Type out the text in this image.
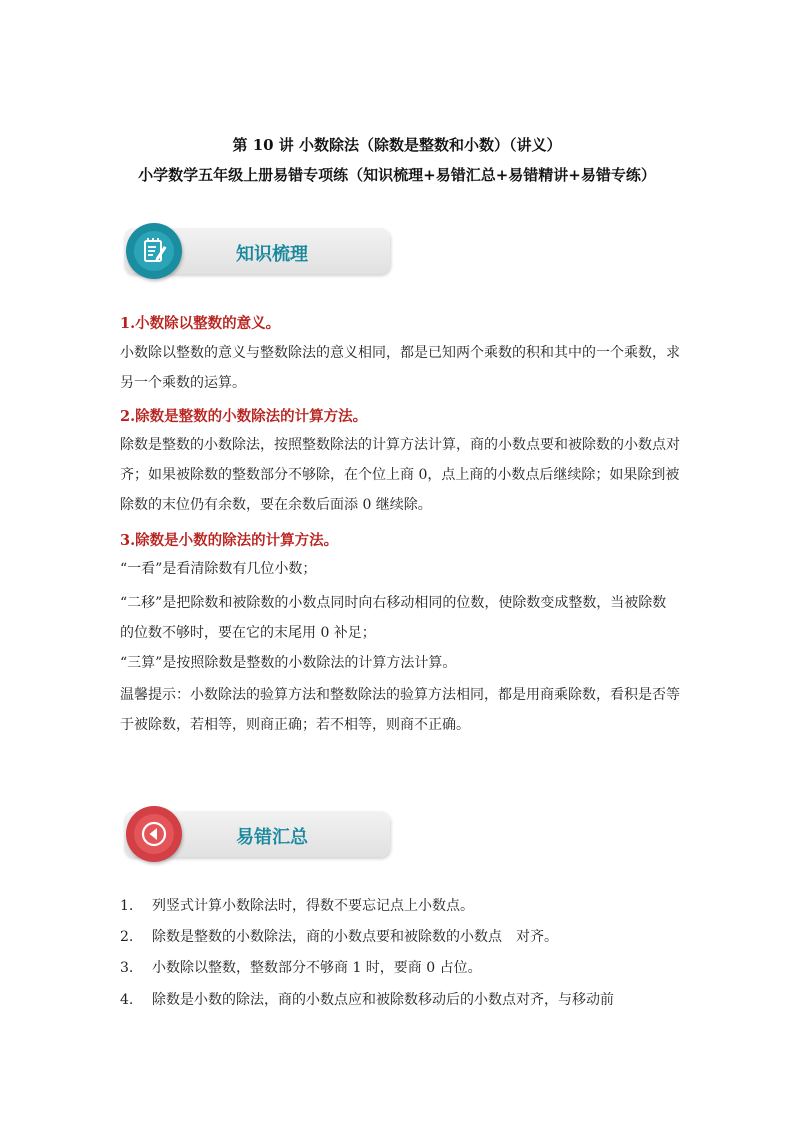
第 10 讲 小数除法（除数是整数和小数）（讲义）
小学数学五年级上册易错专项练（知识梳理+易错汇总+易错精讲+易错专练）
知识梳理
1.小数除以整数的意义。
小数除以整数的意义与整数除法的意义相同，都是已知两个乘数的积和其中的一个乘数，求另一个乘数的运算。
2.除数是整数的小数除法的计算方法。
除数是整数的小数除法，按照整数除法的计算方法计算，商的小数点要和被除数的小数点对齐；如果被除数的整数部分不够除，在个位上商 0，点上商的小数点后继续除；如果除到被除数的末位仍有余数，要在余数后面添 0 继续除。
3.除数是小数的除法的计算方法。
“一看”是看清除数有几位小数；
“二移”是把除数和被除数的小数点同时向右移动相同的位数，使除数变成整数，当被除数的位数不够时，要在它的末尾用 0 补足；
“三算”是按照除数是整数的小数除法的计算方法计算。
温馨提示：小数除法的验算方法和整数除法的验算方法相同，都是用商乘除数，看积是否等于被除数，若相等，则商正确；若不相等，则商不正确。
易错汇总
1. 列竖式计算小数除法时，得数不要忘记点上小数点。
2. 除数是整数的小数除法，商的小数点要和被除数的小数点　对齐。
3. 小数除以整数，整数部分不够商 1 时，要商 0 占位。
4. 除数是小数的除法，商的小数点应和被除数移动后的小数点对齐，与移动前
